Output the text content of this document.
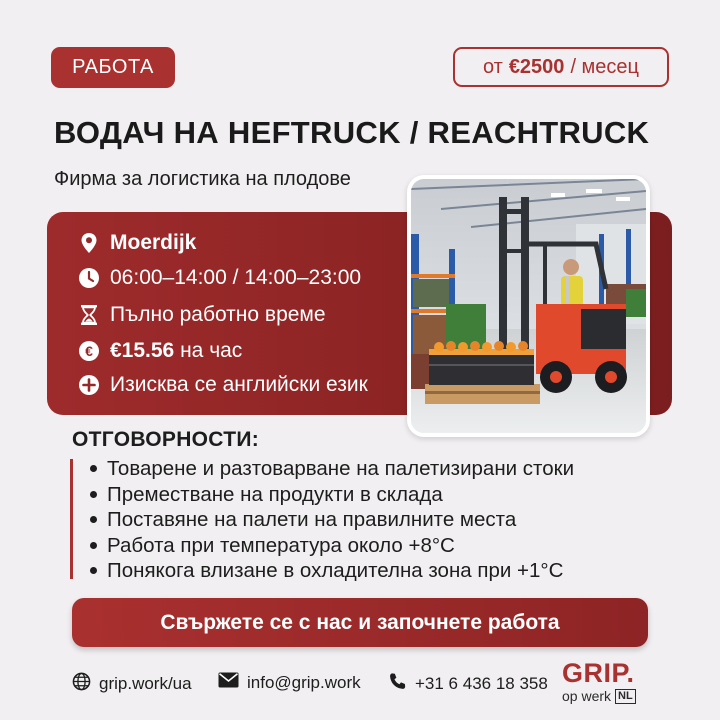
РАБОТА	от €2500 / месец
ВОДАЧ НА HEFTRUCK / REACHTRUCK
Фирма за логистика на плодове
Moerdijk
06:00–14:00 / 14:00–23:00
Пълно работно време
€ €15.56 на час
Изисква се английски език
ОТГОВОРНОСТИ:
Товарене и разтоварване на палетизирани стоки
Преместване на продукти в склада
Поставяне на палети на правилните места
Работа при температура около +8°C
Понякога влизане в охладителна зона при +1°C
Свържете се с нас и започнете работа
grip.work/ua	info@grip.work	+31 6 436 18 358 GRIP.
op werk NL
